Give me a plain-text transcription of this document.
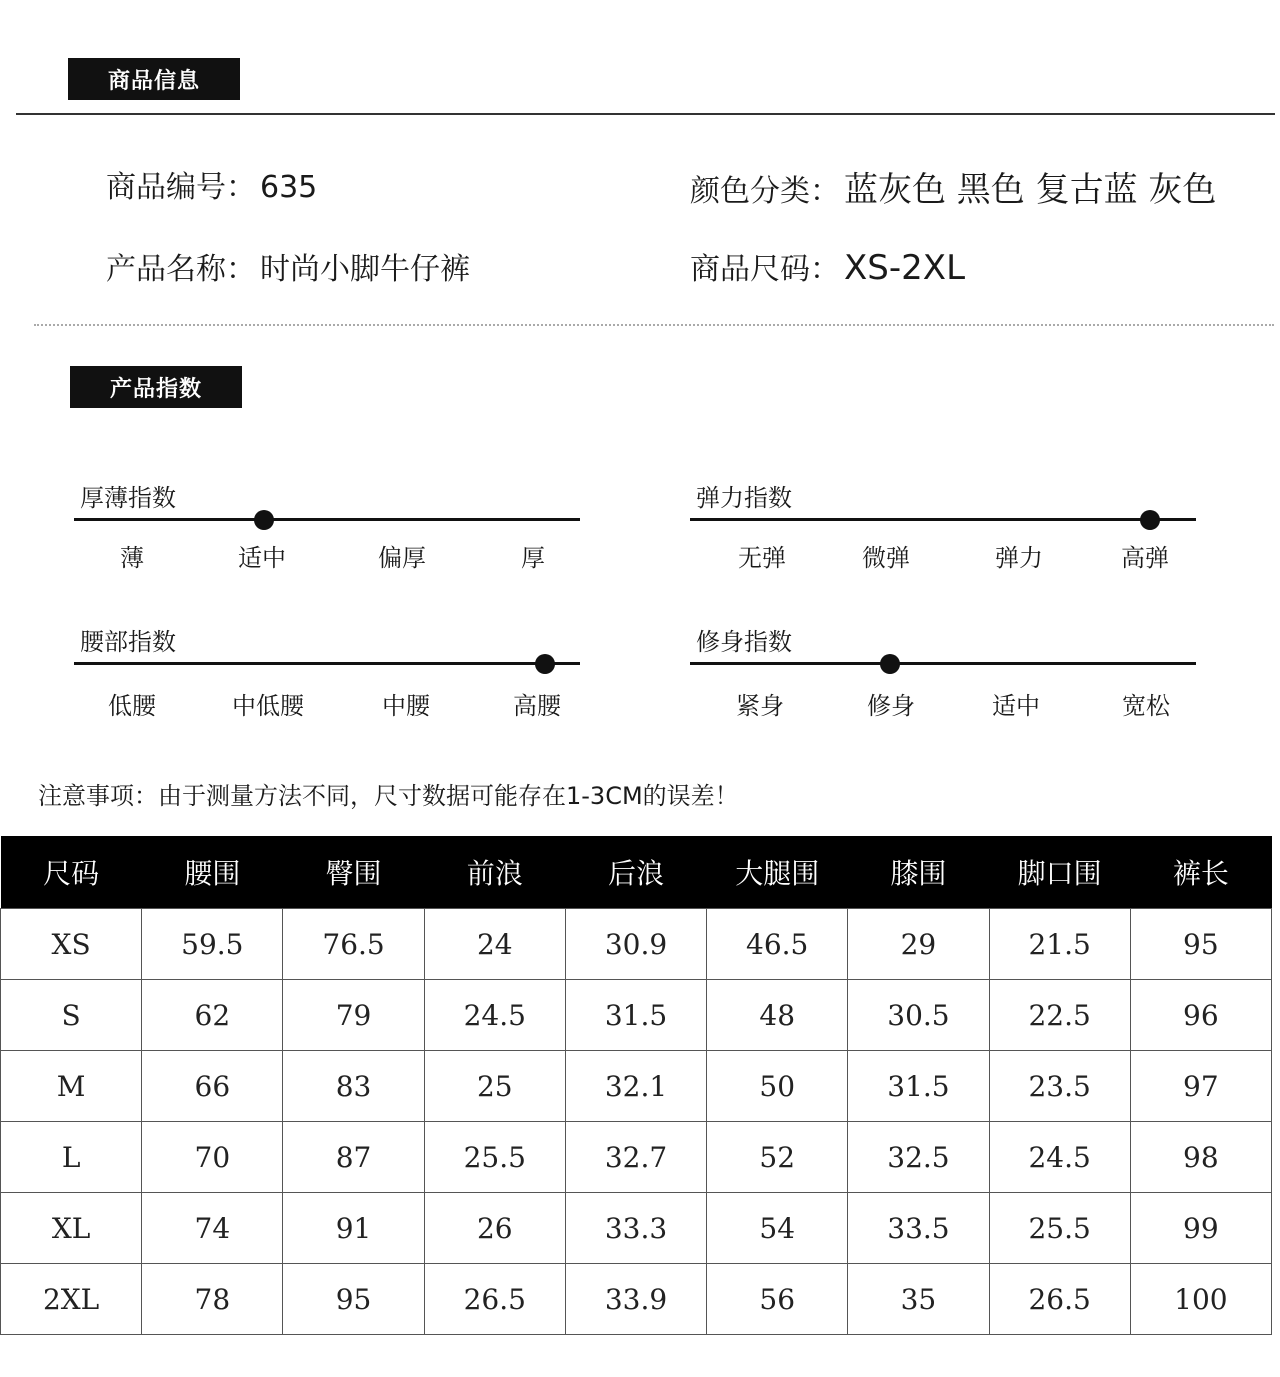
商品信息
商品编号： 635	颜色分类： 蓝灰色 黑色 复古蓝 灰色
产品名称： 时尚小脚牛仔裤	商品尺码： XS-2XL
产品指数
厚薄指数
薄	适中	偏厚	厚
弹力指数
无弹	微弹	弹力	高弹
腰部指数
低腰	中低腰	中腰	高腰
修身指数
紧身	修身	适中	宽松
注意事项：由于测量方法不同，尺寸数据可能存在1-3CM的误差！
尺码	腰围	臀围	前浪	后浪	大腿围	膝围	脚口围	裤长
XS	59.5	76.5	24	30.9	46.5	29	21.5	95
S	62	79	24.5	31.5	48	30.5	22.5	96
M	66	83	25	32.1	50	31.5	23.5	97
L	70	87	25.5	32.7	52	32.5	24.5	98
XL	74	91	26	33.3	54	33.5	25.5	99
2XL	78	95	26.5	33.9	56	35	26.5	100
